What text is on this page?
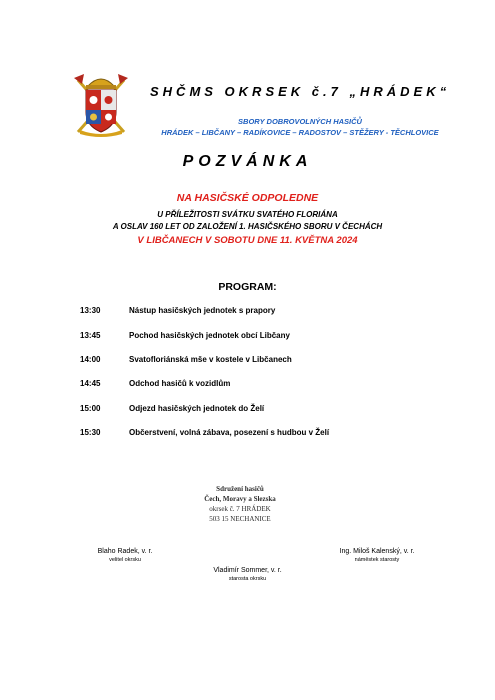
SHČMS OKRSEK č.7 „HRÁDEK“
SBORY DOBROVOLNÝCH HASIČŮ
HRÁDEK – LIBČANY – RADÍKOVICE – RADOSTOV – STĚŽERY - TĚCHLOVICE
POZVÁNKA
NA HASIČSKÉ ODPOLEDNE
U PŘÍLEŽITOSTI SVÁTKU SVATÉHO FLORIÁNA
A OSLAV 160 LET OD ZALOŽENÍ 1. HASIČSKÉHO SBORU V ČECHÁCH
V LIBČANECH V SOBOTU DNE 11. KVĚTNA 2024
PROGRAM:
13:30	Nástup hasičských jednotek s prapory
13:45	Pochod hasičských jednotek obcí Libčany
14:00	Svatofloriánská mše v kostele v Libčanech
14:45	Odchod hasičů k vozidlům
15:00	Odjezd hasičských jednotek do Želí
15:30	Občerstvení, volná zábava, posezení s hudbou v Želí
Sdružení hasičů
Čech, Moravy a Slezska
okrsek č. 7 HRÁDEK
503 15 NECHANICE
Blaho Radek, v. r.
velitel okrsku
Ing. Miloš Kalenský, v. r.
náměstek starosty
Vladimír Sommer, v. r.
starosta okrsku
